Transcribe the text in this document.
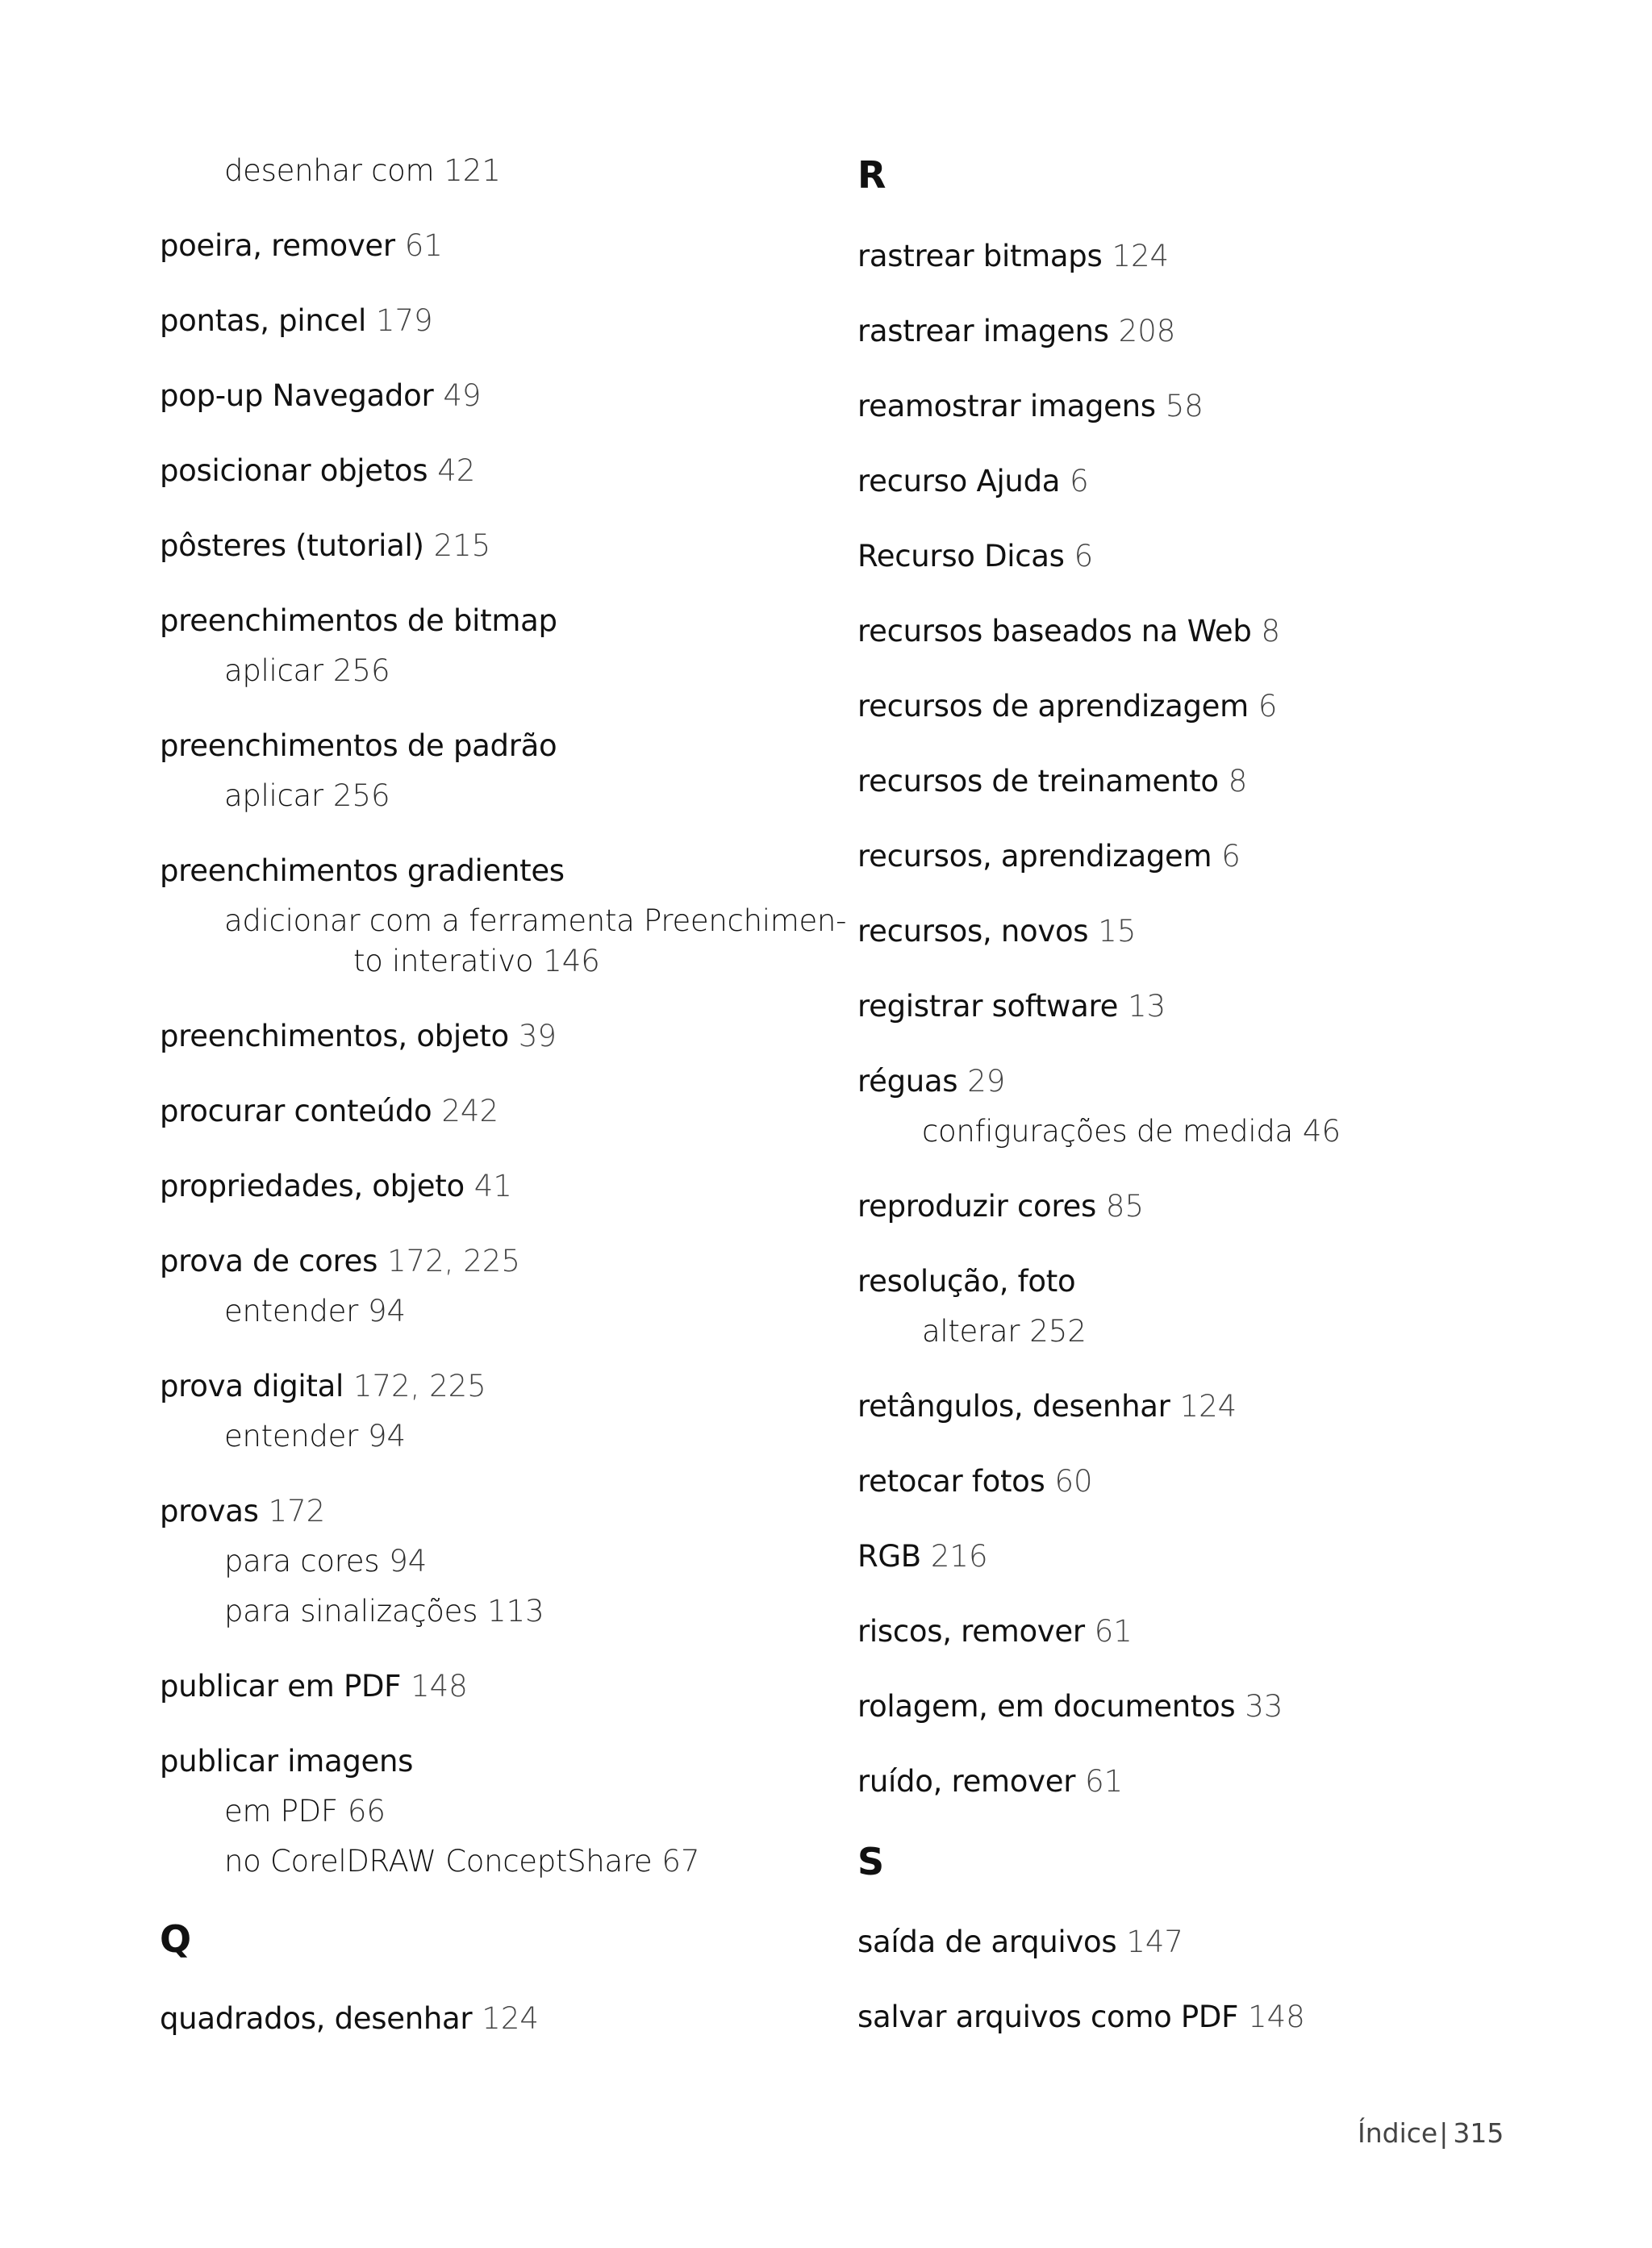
desenhar com 121
poeira, remover 61
pontas, pincel 179
pop-up Navegador 49
posicionar objetos 42
pôsteres (tutorial) 215
preenchimentos de bitmap
aplicar 256
preenchimentos de padrão
aplicar 256
preenchimentos gradientes
adicionar com a ferramenta Preenchimen-
to interativo 146
preenchimentos, objeto 39
procurar conteúdo 242
propriedades, objeto 41
prova de cores 172, 225
entender 94
prova digital 172, 225
entender 94
provas 172
para cores 94
para sinalizações 113
publicar em PDF 148
publicar imagens
em PDF 66
no CorelDRAW ConceptShare 67
Q
quadrados, desenhar 124
R
rastrear bitmaps 124
rastrear imagens 208
reamostrar imagens 58
recurso Ajuda 6
Recurso Dicas 6
recursos baseados na Web 8
recursos de aprendizagem 6
recursos de treinamento 8
recursos, aprendizagem 6
recursos, novos 15
registrar software 13
réguas 29
configurações de medida 46
reproduzir cores 85
resolução, foto
alterar 252
retângulos, desenhar 124
retocar fotos 60
RGB 216
riscos, remover 61
rolagem, em documentos 33
ruído, remover 61
S
saída de arquivos 147
salvar arquivos como PDF 148
Índice| 315
